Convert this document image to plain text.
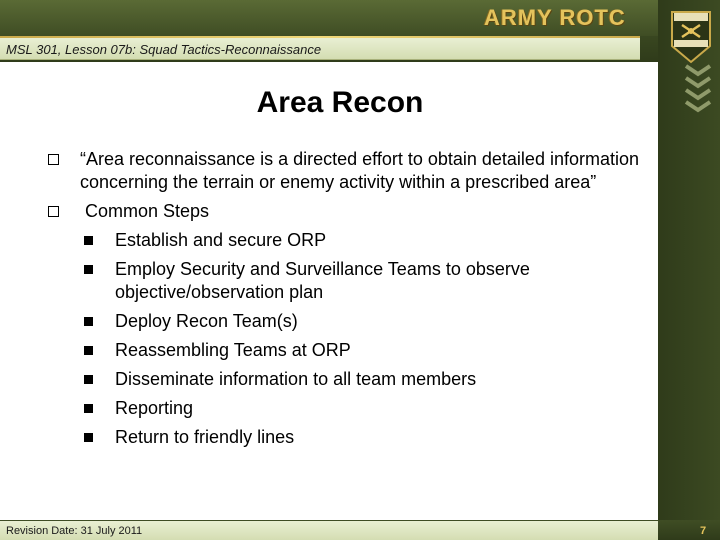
MSL 301, Lesson 07b: Squad Tactics-Reconnaissance
ARMY ROTC
Area Recon
“Area reconnaissance is a directed effort to obtain detailed information concerning the terrain or enemy activity within a prescribed area”
Common Steps
Establish and secure ORP
Employ Security and Surveillance Teams to observe objective/observation plan
Deploy Recon Team(s)
Reassembling Teams at ORP
Disseminate information to all team members
Reporting
Return to friendly lines
Revision Date: 31 July 2011	7
